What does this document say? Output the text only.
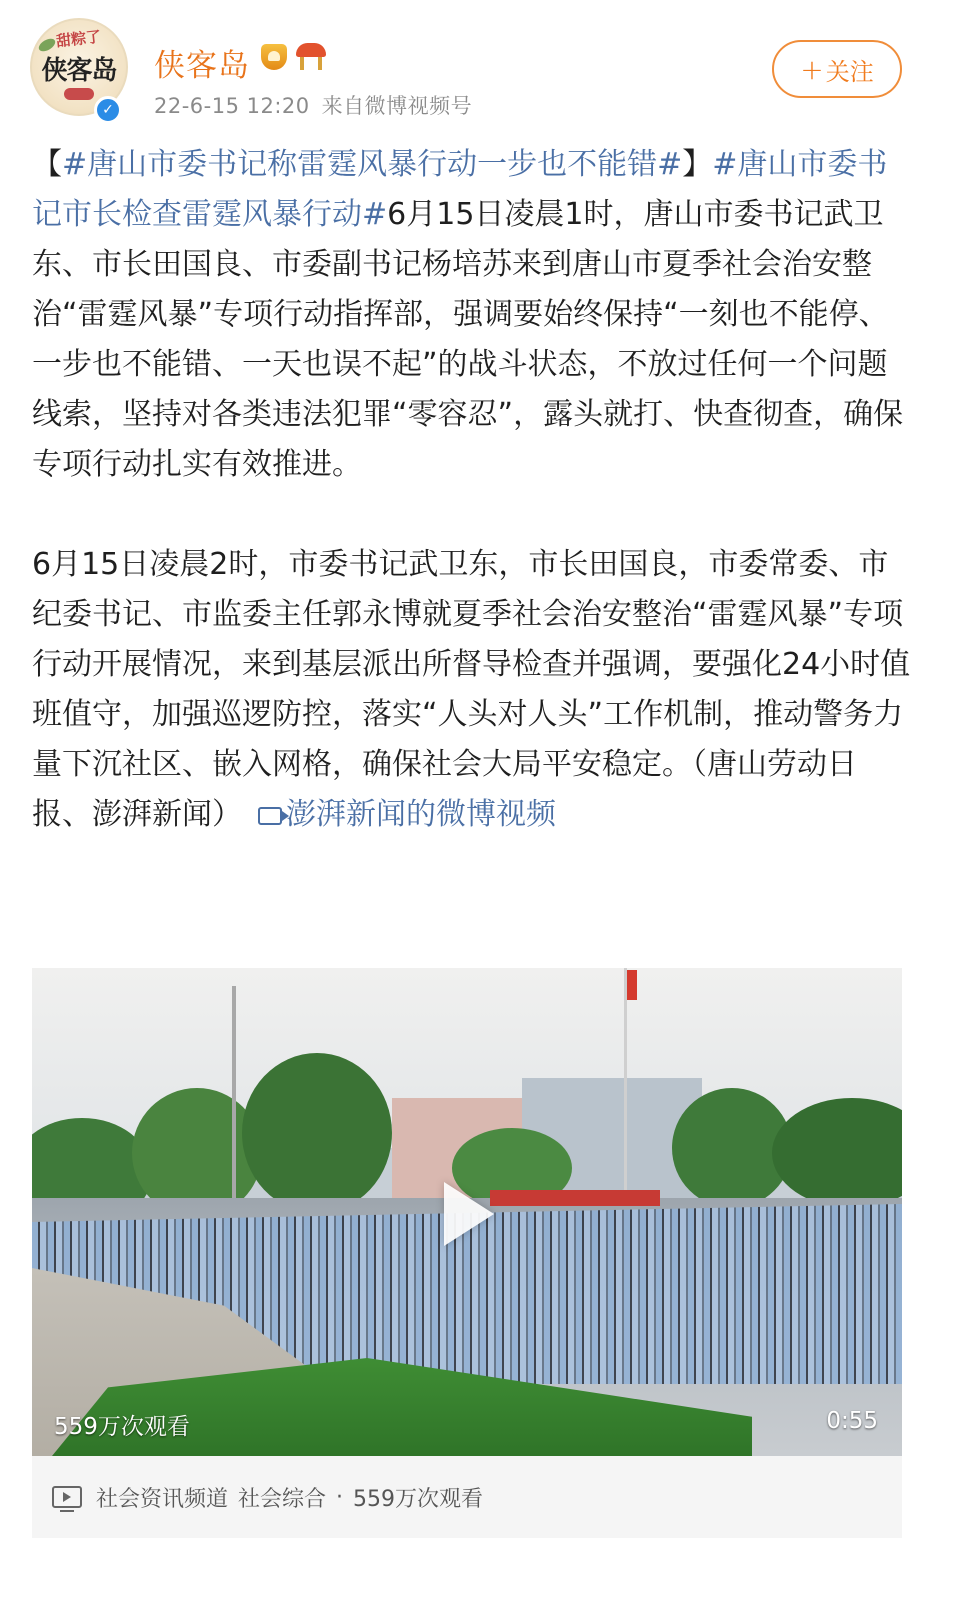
甜粽了
侠客岛
✓
侠客岛
22-6-15 12:20 来自微博视频号
+ 关注

【#唐山市委书记称雷霆风暴行动一步也不能错#】#唐山市委书记市长检查雷霆风暴行动#6月15日凌晨1时，唐山市委书记武卫东、市长田国良、市委副书记杨培苏来到唐山市夏季社会治安整治“雷霆风暴”专项行动指挥部，强调要始终保持“一刻也不能停、一步也不能错、一天也误不起”的战斗状态，不放过任何一个问题线索，坚持对各类违法犯罪“零容忍”，露头就打、快查彻查，确保专项行动扎实有效推进。

6月15日凌晨2时，市委书记武卫东，市长田国良，市委常委、市纪委书记、市监委主任郭永博就夏季社会治安整治“雷霆风暴”专项行动开展情况，来到基层派出所督导检查并强调，要强化24小时值班值守，加强巡逻防控，落实“人头对人头”工作机制，推动警务力量下沉社区、嵌入网格，确保社会大局平安稳定。（唐山劳动日报、澎湃新闻） 澎湃新闻的微博视频

559万次观看	0:55
社会资讯频道 社会综合 · 559万次观看
